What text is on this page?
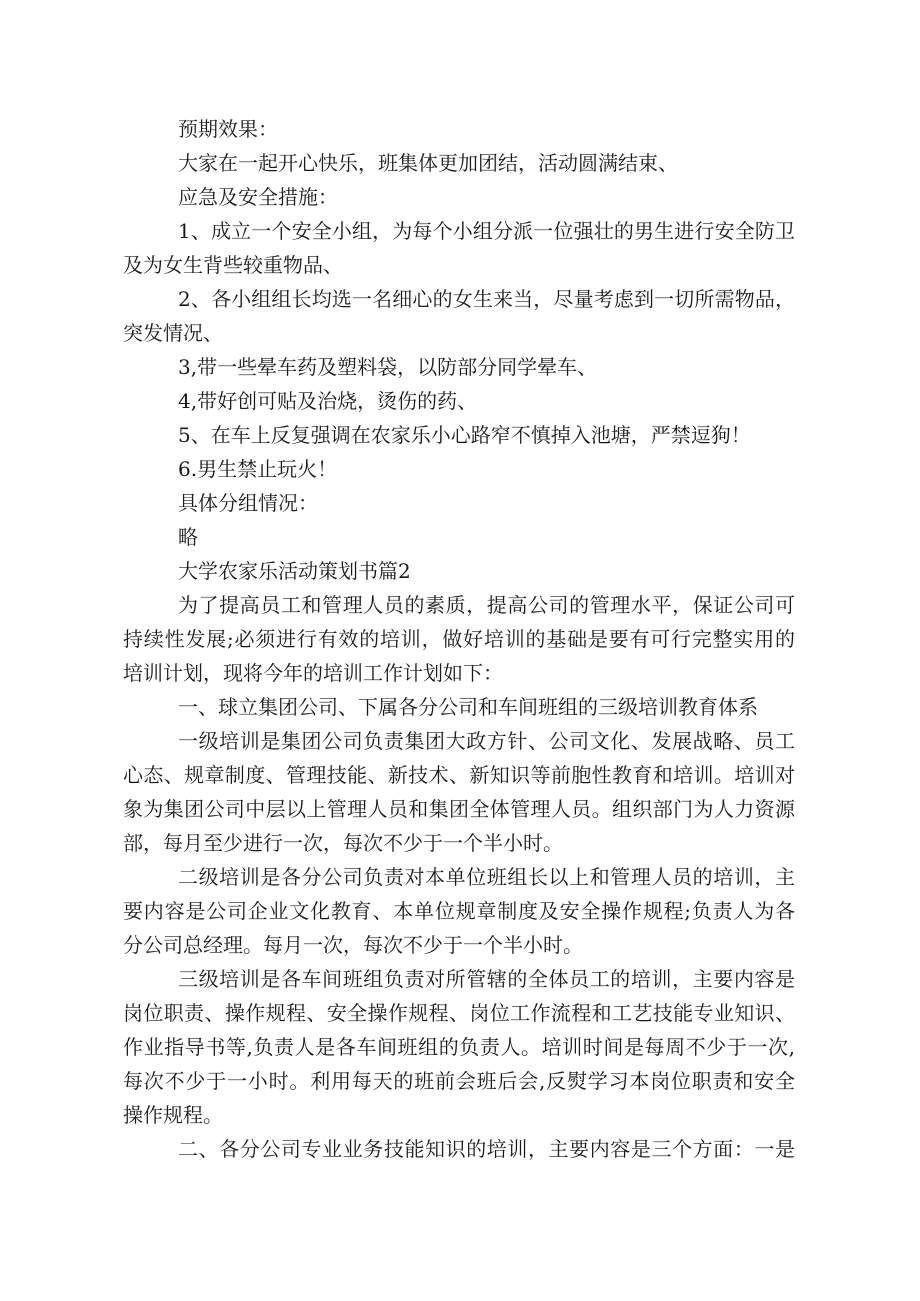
预期效果：
大家在一起开心快乐，班集体更加团结，活动圆满结束、
应急及安全措施：
1、成立一个安全小组，为每个小组分派一位强壮的男生进行安全防卫
及为女生背些较重物品、
2、各小组组长均选一名细心的女生来当，尽量考虑到一切所需物品，
突发情况、
3,带一些晕车药及塑料袋，以防部分同学晕车、
4,带好创可贴及治烧，烫伤的药、
5、在车上反复强调在农家乐小心路窄不慎掉入池塘，严禁逗狗！
6.男生禁止玩火！
具体分组情况：
略
大学农家乐活动策划书篇2
为了提高员工和管理人员的素质，提高公司的管理水平，保证公司可
持续性发展;必须进行有效的培训，做好培训的基础是要有可行完整实用的
培训计划，现将今年的培训工作计划如下：
一、球立集团公司、下属各分公司和车间班组的三级培训教育体系
一级培训是集团公司负责集团大政方针、公司文化、发展战略、员工
心态、规章制度、管理技能、新技术、新知识等前胞性教育和培训。培训对
象为集团公司中层以上管理人员和集团全体管理人员。组织部门为人力资源
部，每月至少进行一次，每次不少于一个半小时。
二级培训是各分公司负责对本单位班组长以上和管理人员的培训，主
要内容是公司企业文化教育、本单位规章制度及安全操作规程;负责人为各
分公司总经理。每月一次，每次不少于一个半小时。
三级培训是各车间班组负责对所管辖的全体员工的培训，主要内容是
岗位职责、操作规程、安全操作规程、岗位工作流程和工艺技能专业知识、
作业指导书等,负责人是各车间班组的负责人。培训时间是每周不少于一次,
每次不少于一小时。利用每天的班前会班后会,反熨学习本岗位职责和安全
操作规程。
二、各分公司专业业务技能知识的培训，主要内容是三个方面：一是
